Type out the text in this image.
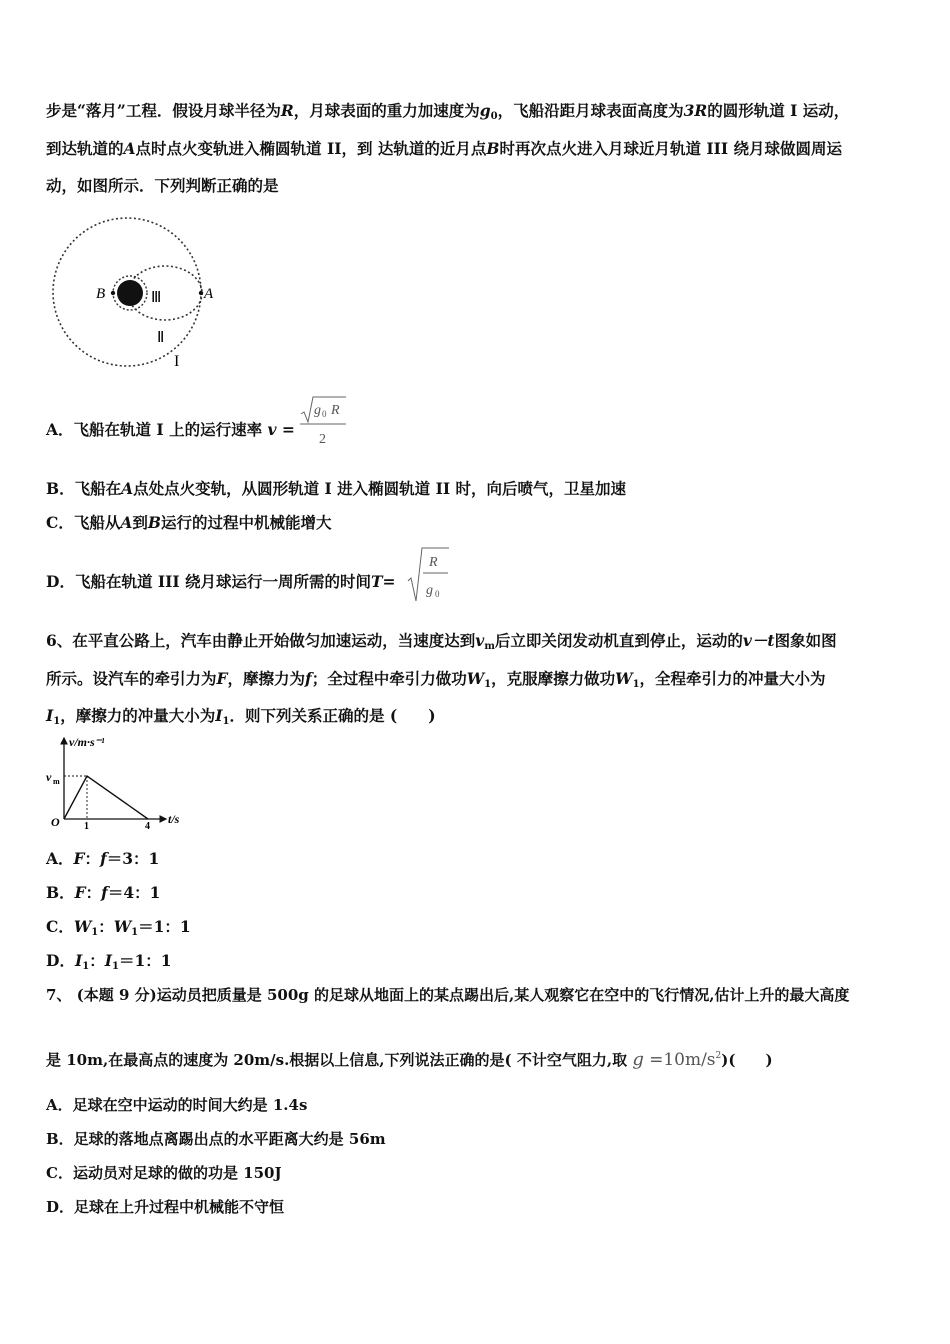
步是“落月”工程．假设月球半径为R，月球表面的重力加速度为$g_0$，飞船沿距月球表面高度为3R的圆形轨道 I 运动，
到达轨道的A点时点火变轨进入椭圆轨道 II，到 达轨道的近月点B时再次点火进入月球近月轨道 III 绕月球做圆周运
动，如图所示．下列判断正确的是
B	A
Ⅲ
Ⅱ
I
A．飞船在轨道 I 上的运行速率 v =
g 0 R
2
B．飞船在A点处点火变轨，从圆形轨道 I 进入椭圆轨道 II 时，向后喷气，卫星加速
C．飞船从A到B运行的过程中机械能增大
D．飞船在轨道 III 绕月球运行一周所需的时间T=
R
g 0
6、在平直公路上，汽车由静止开始做匀加速运动，当速度达到$v_m$后立即关闭发动机直到停止，运动的v－t图象如图
所示。设汽车的牵引力为F，摩擦力为f；全过程中牵引力做功$W_1$，克服摩擦力做功$W_1$，全程牵引力的冲量大小为
$I_1$，摩擦力的冲量大小为$I_1$．则下列关系正确的是 (　　)
v/m·s⁻¹
v m
O 1	4
t/s
A．F：f＝3：1
B．F：f＝4：1
C．$W_1$：$W_1=1$：1
D．$I_1$：$I_1=1$：1
7、 (本题 9 分)运动员把质量是 500g 的足球从地面上的某点踢出后,某人观察它在空中的飞行情况,估计上升的最大高度
是 10m,在最高点的速度为 20m/s.根据以上信息,下列说法正确的是( 不计空气阻力,取 $g =10m/s^2$)(　　)
A．足球在空中运动的时间大约是 1.4s
B．足球的落地点离踢出点的水平距离大约是 56m
C．运动员对足球的做的功是 150J
D．足球在上升过程中机械能不守恒
